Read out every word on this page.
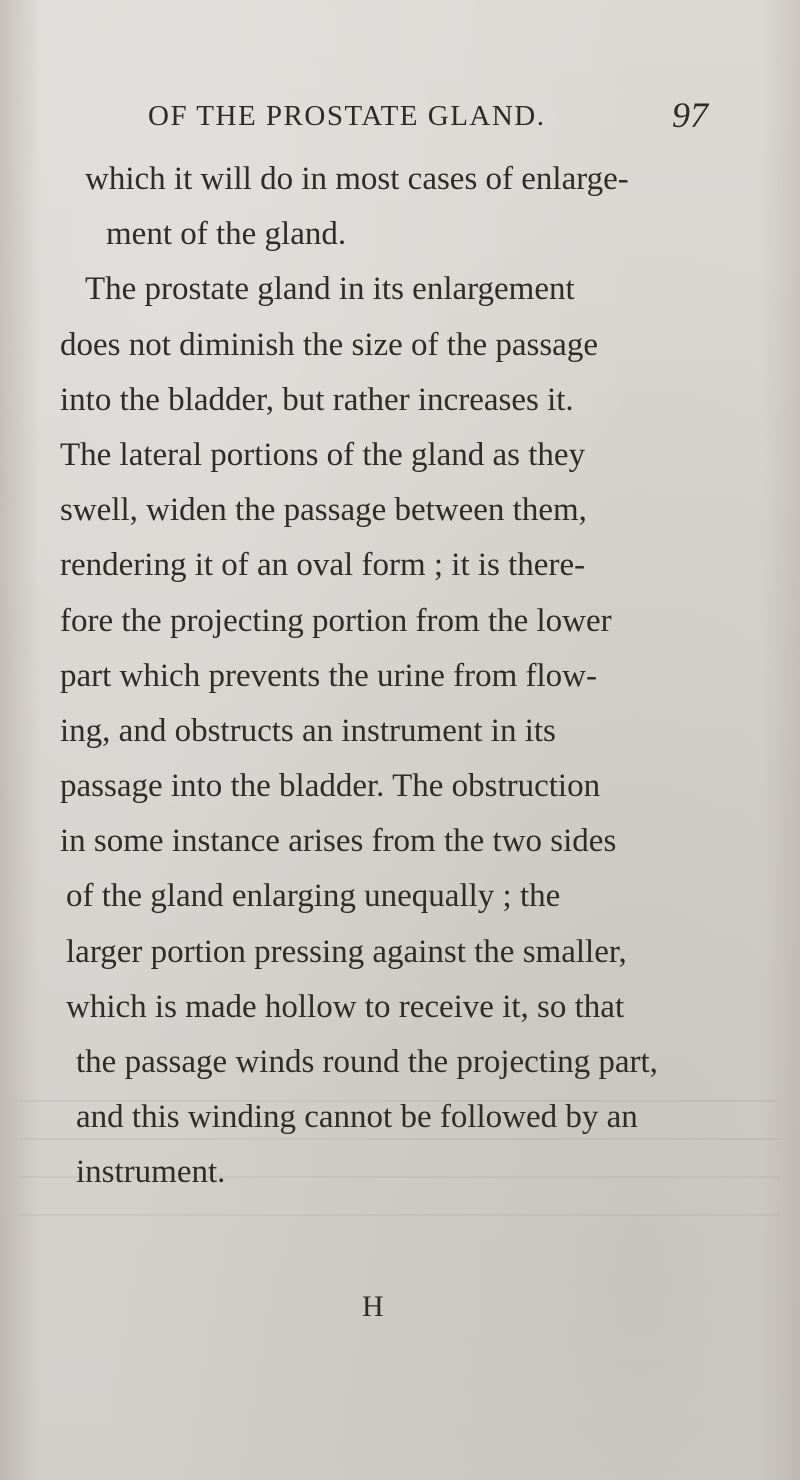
OF THE PROSTATE GLAND.	97
which it will do in most cases of enlarge-
ment of the gland.
The prostate gland in its enlargement
does not diminish the size of the passage
into the bladder, but rather increases it.
The lateral portions of the gland as they
swell, widen the passage between them,
rendering it of an oval form ; it is there-
fore the projecting portion from the lower
part which prevents the urine from flow-
ing, and obstructs an instrument in its
passage into the bladder. The obstruction
in some instance arises from the two sides
of the gland enlarging unequally ; the
larger portion pressing against the smaller,
which is made hollow to receive it, so that
the passage winds round the projecting part,
and this winding cannot be followed by an
instrument.
H
